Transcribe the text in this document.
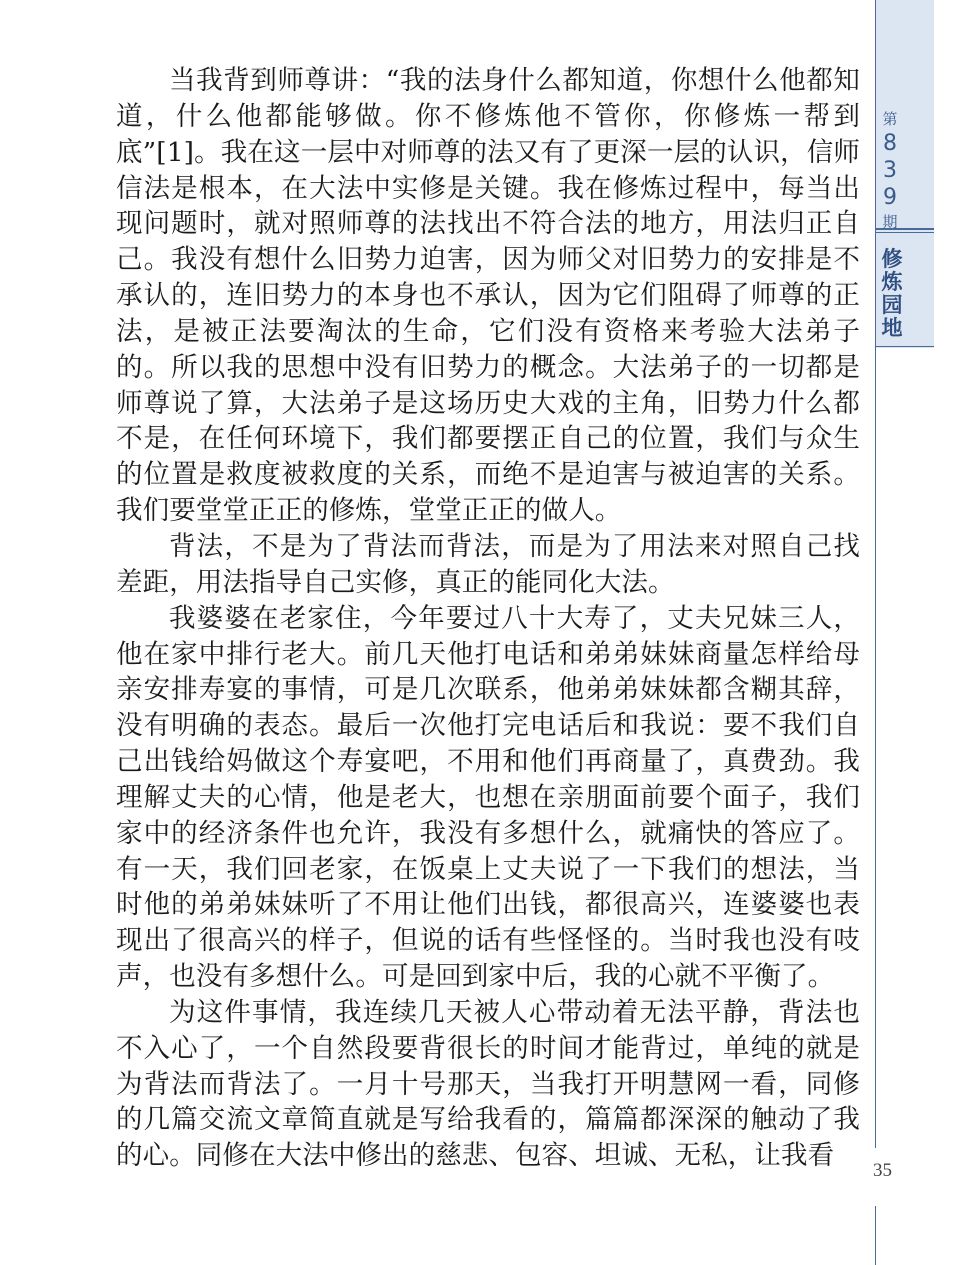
第
8
3
9
期
修
炼
园
地

当我背到师尊讲：“我的法身什么都知道，你想什么他都知道，什么他都能够做。你不修炼他不管你，你修炼一帮到底”[1]。我在这一层中对师尊的法又有了更深一层的认识，信师信法是根本，在大法中实修是关键。我在修炼过程中，每当出现问题时，就对照师尊的法找出不符合法的地方，用法归正自己。我没有想什么旧势力迫害，因为师父对旧势力的安排是不承认的，连旧势力的本身也不承认，因为它们阻碍了师尊的正法，是被正法要淘汰的生命，它们没有资格来考验大法弟子的。所以我的思想中没有旧势力的概念。大法弟子的一切都是师尊说了算，大法弟子是这场历史大戏的主角，旧势力什么都不是，在任何环境下，我们都要摆正自己的位置，我们与众生的位置是救度被救度的关系，而绝不是迫害与被迫害的关系。我们要堂堂正正的修炼，堂堂正正的做人。

背法，不是为了背法而背法，而是为了用法来对照自己找差距，用法指导自己实修，真正的能同化大法。

我婆婆在老家住，今年要过八十大寿了，丈夫兄妹三人，他在家中排行老大。前几天他打电话和弟弟妹妹商量怎样给母亲安排寿宴的事情，可是几次联系，他弟弟妹妹都含糊其辞，没有明确的表态。最后一次他打完电话后和我说：要不我们自己出钱给妈做这个寿宴吧，不用和他们再商量了，真费劲。我理解丈夫的心情，他是老大，也想在亲朋面前要个面子，我们家中的经济条件也允许，我没有多想什么，就痛快的答应了。有一天，我们回老家，在饭桌上丈夫说了一下我们的想法，当时他的弟弟妹妹听了不用让他们出钱，都很高兴，连婆婆也表现出了很高兴的样子，但说的话有些怪怪的。当时我也没有吱声，也没有多想什么。可是回到家中后，我的心就不平衡了。

为这件事情，我连续几天被人心带动着无法平静，背法也不入心了，一个自然段要背很长的时间才能背过，单纯的就是为背法而背法了。一月十号那天，当我打开明慧网一看，同修的几篇交流文章简直就是写给我看的，篇篇都深深的触动了我的心。同修在大法中修出的慈悲、包容、坦诚、无私，让我看	35
